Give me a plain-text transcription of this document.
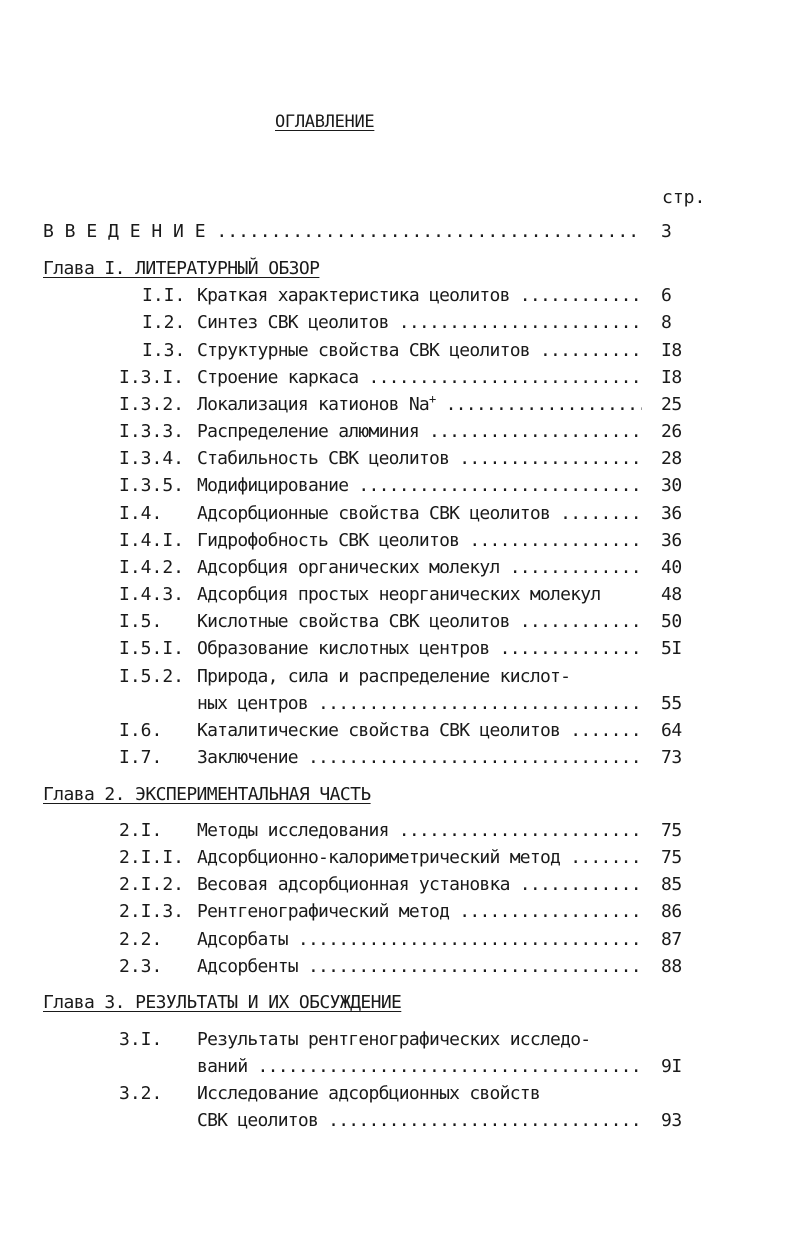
ОГЛАВЛЕНИЕ
стр.
В В Е Д Е Н И Е .....	3
Глава I. ЛИТЕРАТУРНЫЙ ОБЗОР
I.I. Краткая характеристика цеолитов .....	6
I.2. Синтез СВК цеолитов .....	8
I.3. Структурные свойства СВК цеолитов .....	I8
I.3.I. Строение каркаса .....	I8
I.3.2. Локализация катионов Na+ .....	25
I.3.3. Распределение алюминия .....	26
I.3.4. Стабильность СВК цеолитов .....	28
I.3.5. Модифицирование .....	30
I.4. Адсорбционные свойства СВК цеолитов .....	36
I.4.I. Гидрофобность СВК цеолитов .....	36
I.4.2. Адсорбция органических молекул .....	40
I.4.3. Адсорбция простых неорганических молекул	48
I.5. Кислотные свойства СВК цеолитов .....	50
I.5.I. Образование кислотных центров .....	5I
I.5.2. Природа, сила и распределение кислот-
ных центров .....	55
I.6. Каталитические свойства СВК цеолитов .....	64
I.7. Заключение .....	73
Глава 2. ЭКСПЕРИМЕНТАЛЬНАЯ ЧАСТЬ
2.I. Методы исследования .....	75
2.I.I. Адсорбционно-калориметрический метод .....	75
2.I.2. Весовая адсорбционная установка .....	85
2.I.3. Рентгенографический метод .....	86
2.2. Адсорбаты .....	87
2.3. Адсорбенты .....	88
Глава 3. РЕЗУЛЬТАТЫ И ИХ ОБСУЖДЕНИЕ
3.I. Результаты рентгенографических исследо-
ваний .....	9I
3.2. Исследование адсорбционных свойств
СВК цеолитов .....	93
